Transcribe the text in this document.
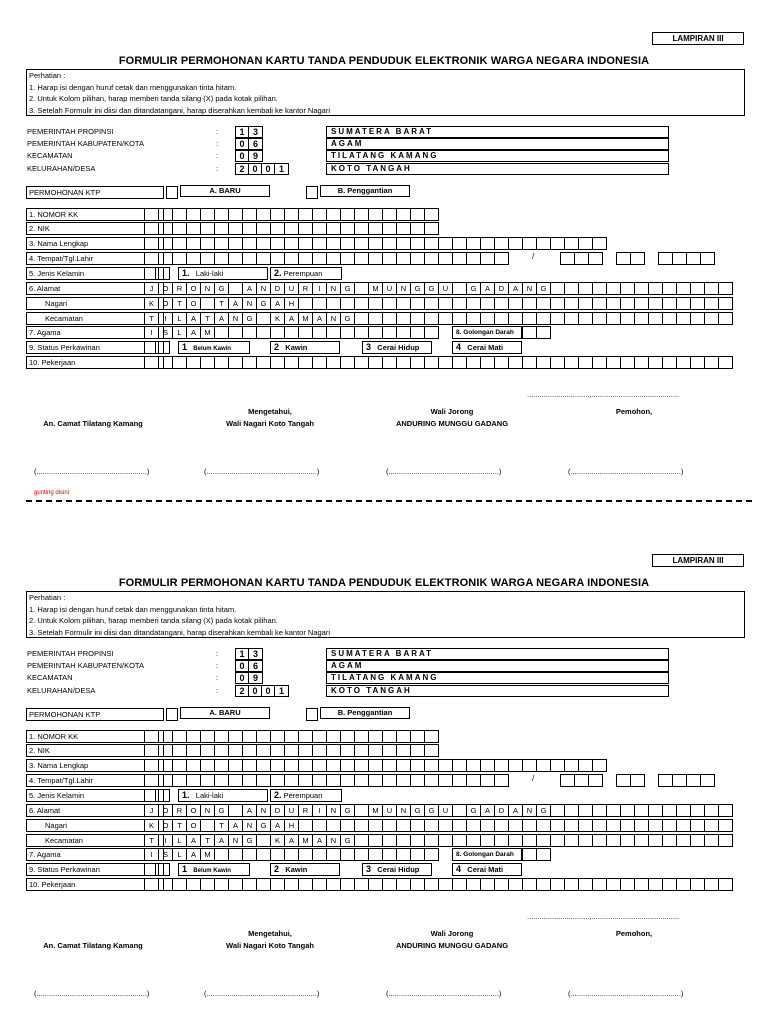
LAMPIRAN III
FORMULIR PERMOHONAN KARTU TANDA PENDUDUK ELEKTRONIK WARGA NEGARA INDONESIA
Perhatian :
1. Harap isi dengan huruf cetak dan menggunakan tinta hitam.
2. Untuk Kolom pilihan, harap memberi tanda silang (X) pada kotak pilihan.
3. Setelah Formulir ini diisi dan ditandatangani, harap diserahkan kembali ke kantor Nagari
PEMERINTAH PROPINSI	:	1 3	SUMATERA BARAT
PEMERINTAH KABUPATEN/KOTA	:	0 6	AGAM
KECAMATAN	:	0 9	TILATANG KAMANG
KELURAHAN/DESA	:	2 0 0 1	KOTO TANGAH
PERMOHONAN KTP	A. BARU	B. Penggantian
1. NOMOR KK
2. NIK
3. Nama Lengkap
4. Tempat/Tgl.Lahir	/
5. Jenis Kelamin	1. Laki-laki	2. Perempuan
6. Alamat	J	O	R	O	N	G	A	N	D	U	R	I	N	G	M	U	N	G	G	U	G	A	D	A	N	G
Nagari	K	O	T	O	T	A	N	G	A	H
Kecamatan	T	I	L	A	T	A	N	G	K	A	M	A	N	G
7. Agama	I	S	L	A	M	8. Golongan Darah
9. Status Perkawinan	1 Belum Kawin	2 Kawin	3 Cerai Hidup	4 Cerai Mati
10. Pekerjaan
..............................,..........................................
An. Camat Tilatang Kamang
Mengetahui,
Wali Nagari Koto Tangah
Wali Jorong
ANDURING MUNGGU GADANG
Pemohon,
(.....................................................)	(.....................................................)	(.....................................................)	(.....................................................)
gunting disini
LAMPIRAN III
FORMULIR PERMOHONAN KARTU TANDA PENDUDUK ELEKTRONIK WARGA NEGARA INDONESIA
Perhatian :
1. Harap isi dengan huruf cetak dan menggunakan tinta hitam.
2. Untuk Kolom pilihan, harap memberi tanda silang (X) pada kotak pilihan.
3. Setelah Formulir ini diisi dan ditandatangani, harap diserahkan kembali ke kantor Nagari
PEMERINTAH PROPINSI	:	1 3	SUMATERA BARAT
PEMERINTAH KABUPATEN/KOTA	:	0 6	AGAM
KECAMATAN	:	0 9	TILATANG KAMANG
KELURAHAN/DESA	:	2 0 0 1	KOTO TANGAH
PERMOHONAN KTP	A. BARU	B. Penggantian
1. NOMOR KK
2. NIK
3. Nama Lengkap
4. Tempat/Tgl.Lahir	/
5. Jenis Kelamin	1. Laki-laki	2. Perempuan
6. Alamat	J	O	R	O	N	G	A	N	D	U	R	I	N	G	M	U	N	G	G	U	G	A	D	A	N	G
Nagari	K	O	T	O	T	A	N	G	A	H
Kecamatan	T	I	L	A	T	A	N	G	K	A	M	A	N	G
7. Agama	I	S	L	A	M	8. Golongan Darah
9. Status Perkawinan	1 Belum Kawin	2 Kawin	3 Cerai Hidup	4 Cerai Mati
10. Pekerjaan
..............................,..........................................
An. Camat Tilatang Kamang
Mengetahui,
Wali Nagari Koto Tangah
Wali Jorong
ANDURING MUNGGU GADANG
Pemohon,
(.....................................................)	(.....................................................)	(.....................................................)	(.....................................................)
